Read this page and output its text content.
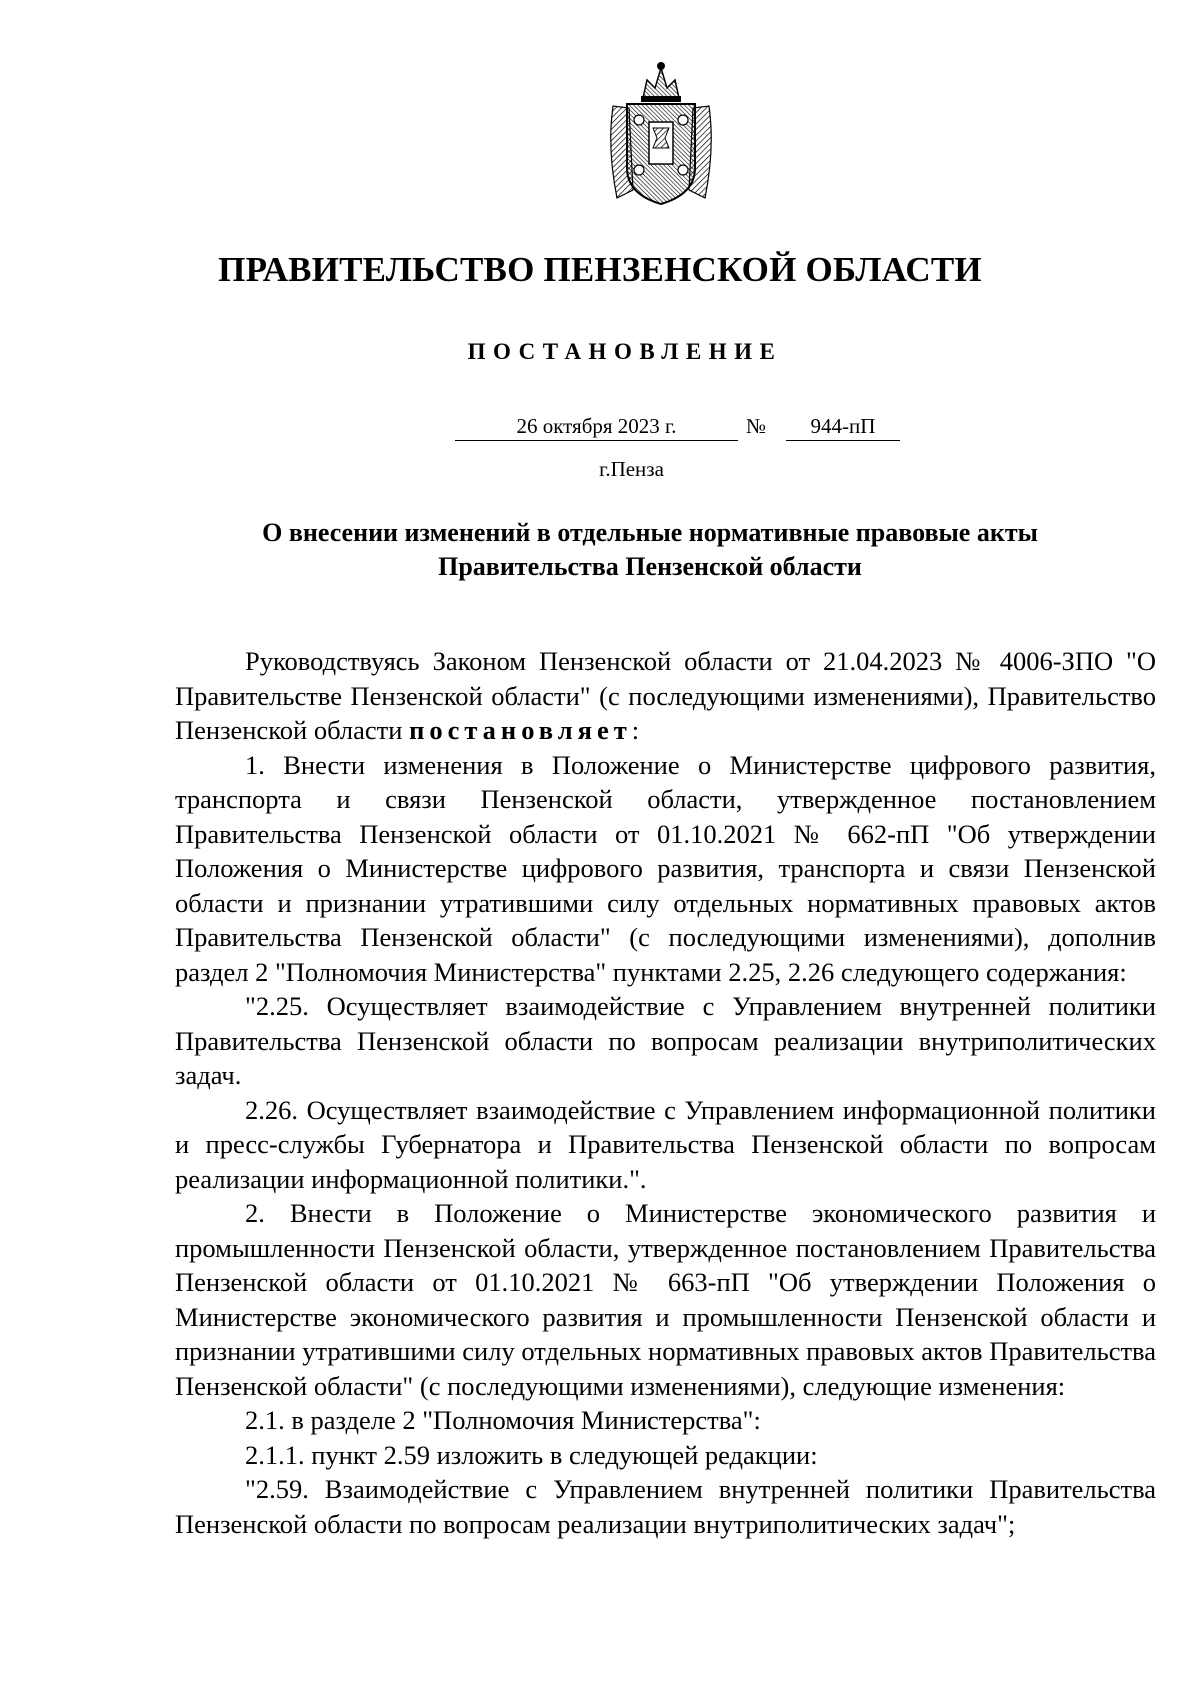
ПРАВИТЕЛЬСТВО ПЕНЗЕНСКОЙ ОБЛАСТИ
ПОСТАНОВЛЕНИЕ
26 октября 2023 г.	№	944-пП
г.Пенза
О внесении изменений в отдельные нормативные правовые акты
Правительства Пензенской области

Руководствуясь Законом Пензенской области от 21.04.2023 № 4006-ЗПО "О Правительстве Пензенской области" (с последующими изменениями), Правительство Пензенской области постановляет:

1. Внести изменения в Положение о Министерстве цифрового развития, транспорта и связи Пензенской области, утвержденное постановлением Правительства Пензенской области от 01.10.2021 № 662-пП "Об утверждении Положения о Министерстве цифрового развития, транспорта и связи Пензенской области и признании утратившими силу отдельных нормативных правовых актов Правительства Пензенской области" (с последующими изменениями), дополнив раздел 2 "Полномочия Министерства" пунктами 2.25, 2.26 следующего содержания:

"2.25. Осуществляет взаимодействие с Управлением внутренней политики Правительства Пензенской области по вопросам реализации внутриполитических задач.

2.26. Осуществляет взаимодействие с Управлением информационной политики и пресс-службы Губернатора и Правительства Пензенской области по вопросам реализации информационной политики.".

2. Внести в Положение о Министерстве экономического развития и промышленности Пензенской области, утвержденное постановлением Правительства Пензенской области от 01.10.2021 № 663-пП "Об утверждении Положения о Министерстве экономического развития и промышленности Пензенской области и признании утратившими силу отдельных нормативных правовых актов Правительства Пензенской области" (с последующими изменениями), следующие изменения:

2.1. в разделе 2 "Полномочия Министерства":

2.1.1. пункт 2.59 изложить в следующей редакции:

"2.59. Взаимодействие с Управлением внутренней политики Правительства Пензенской области по вопросам реализации внутриполитических задач";
